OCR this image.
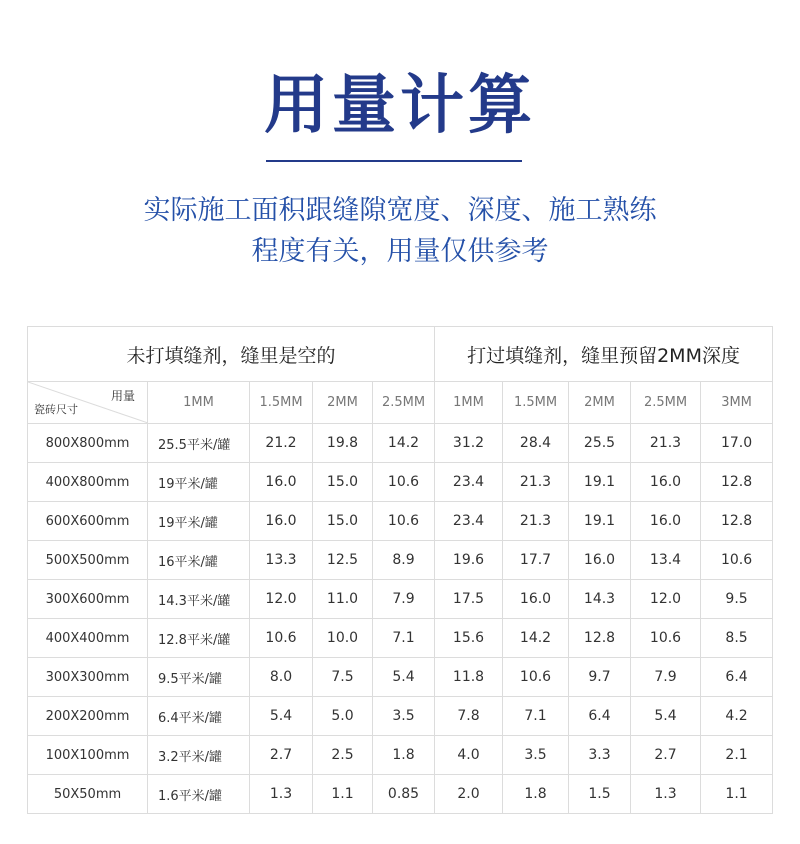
用量计算
实际施工面积跟缝隙宽度、深度、施工熟练
程度有关，用量仅供参考
未打填缝剂，缝里是空的					打过填缝剂，缝里预留2MM深度				

用量
瓷砖尺寸	1MM	1.5MM	2MM	2.5MM	1MM	1.5MM	2MM	2.5MM	3MM
800X800mm	25.5平米/罐	21.2	19.8	14.2	31.2	28.4	25.5	21.3	17.0
400X800mm	19平米/罐	16.0	15.0	10.6	23.4	21.3	19.1	16.0	12.8
600X600mm	19平米/罐	16.0	15.0	10.6	23.4	21.3	19.1	16.0	12.8
500X500mm	16平米/罐	13.3	12.5	8.9	19.6	17.7	16.0	13.4	10.6
300X600mm	14.3平米/罐	12.0	11.0	7.9	17.5	16.0	14.3	12.0	9.5
400X400mm	12.8平米/罐	10.6	10.0	7.1	15.6	14.2	12.8	10.6	8.5
300X300mm	9.5平米/罐	8.0	7.5	5.4	11.8	10.6	9.7	7.9	6.4
200X200mm	6.4平米/罐	5.4	5.0	3.5	7.8	7.1	6.4	5.4	4.2
100X100mm	3.2平米/罐	2.7	2.5	1.8	4.0	3.5	3.3	2.7	2.1
50X50mm	1.6平米/罐	1.3	1.1	0.85	2.0	1.8	1.5	1.3	1.1
